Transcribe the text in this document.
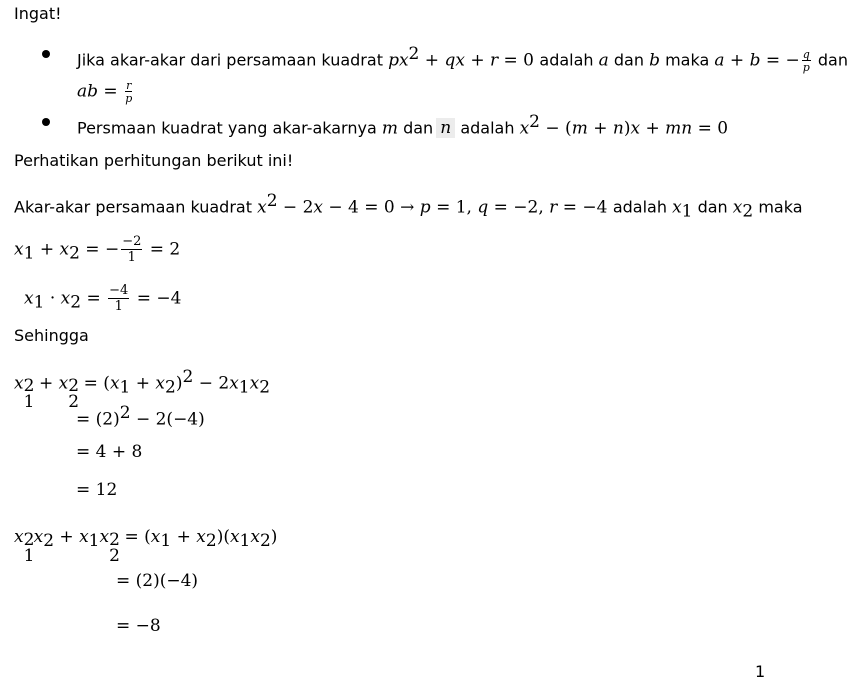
Ingat!
Jika akar-akar dari persamaan kuadrat $px^2$ + qx + r = 0 adalah a dan b maka a + b = − $\frac{q}{p}$ dan
ab = $\frac{r}{p}$
Persmaan kuadrat yang akar-akarnya m dan n adalah $x^2 - (m + n)x$ + mn = 0
Perhatikan perhitungan berikut ini!
Akar-akar persamaan kuadrat $x^2 - 2x - 4 = 0 \to p = 1$, q = −2, r = −4 adalah $x_1$ dan $x_2$ maka
$x_1 + x_2$ = − $\frac{-2}{1} = 2$
$x_1 \cdot x_2 = \frac{-4}{1} = -4$
Sehingga
x 2
1
+ x 2
2
= $(x_1 + x_2)^2 - 2x_1x_2$
= $(2)^2 - 2(-4)$
= 4 + 8
= 12
x 2
1
$x_2 + x_1x$ 2
2
= $(x_1 + x_2)(x_1x_2)$
= (2)(−4)
= −8
1
